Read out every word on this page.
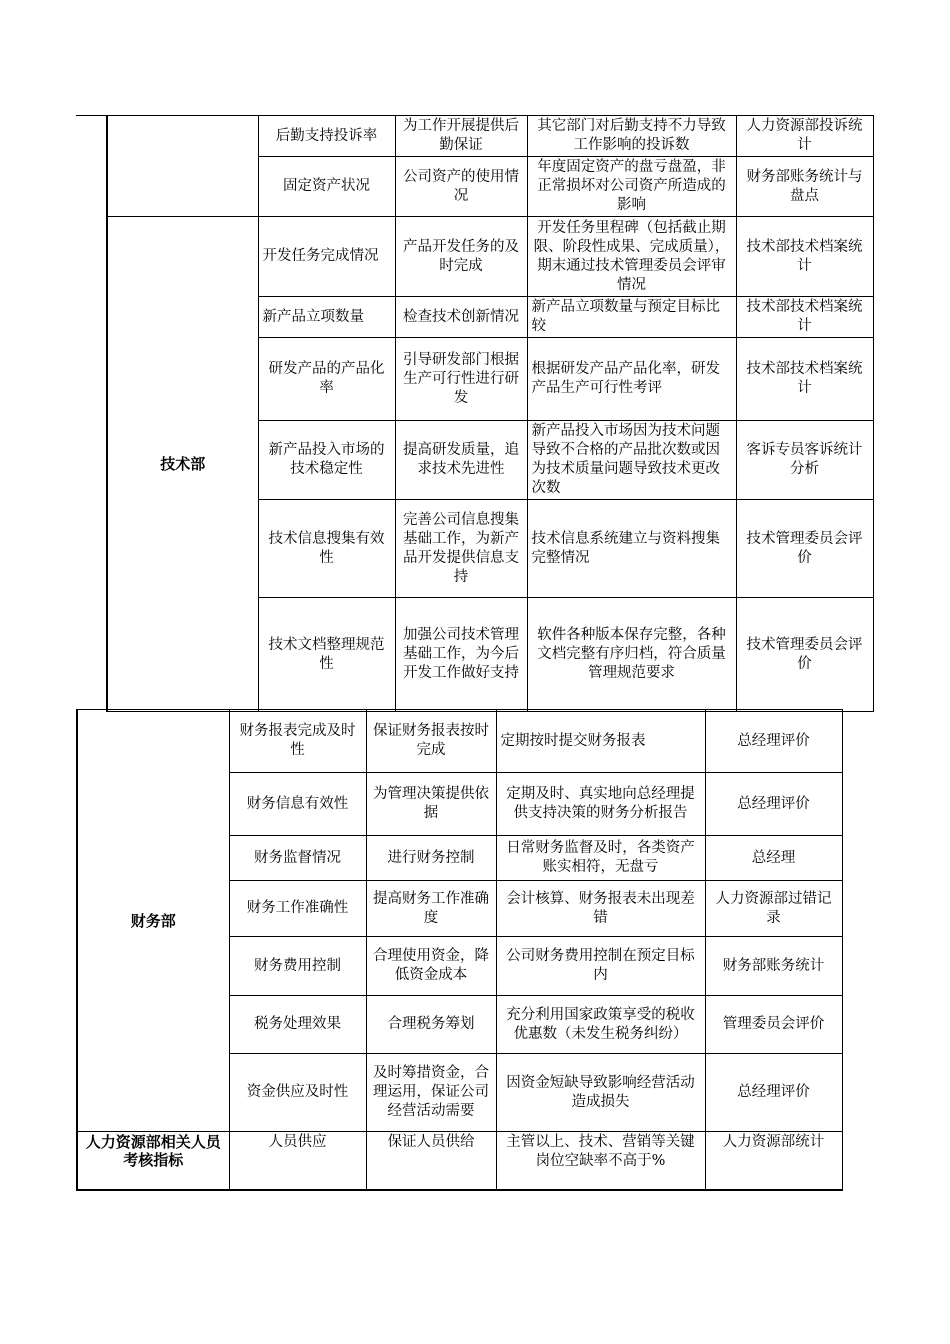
	后勤支持投诉率	为工作开展提供后勤保证	其它部门对后勤支持不力导致工作影响的投诉数	人力资源部投诉统计
	固定资产状况	公司资产的使用情况	年度固定资产的盘亏盘盈，非正常损坏对公司资产所造成的影响	财务部账务统计与盘点
技术部	开发任务完成情况	产品开发任务的及时完成	开发任务里程碑（包括截止期限、阶段性成果、完成质量），期末通过技术管理委员会评审情况	技术部技术档案统计
	新产品立项数量	检查技术创新情况	新产品立项数量与预定目标比较	技术部技术档案统计
	研发产品的产品化率	引导研发部门根据生产可行性进行研发	根据研发产品产品化率，研发产品生产可行性考评	技术部技术档案统计
	新产品投入市场的技术稳定性	提高研发质量，追求技术先进性	新产品投入市场因为技术问题导致不合格的产品批次数或因为技术质量问题导致技术更改次数	客诉专员客诉统计分析
	技术信息搜集有效性	完善公司信息搜集基础工作，为新产品开发提供信息支持	技术信息系统建立与资料搜集完整情况	技术管理委员会评价
	技术文档整理规范性	加强公司技术管理基础工作，为今后开发工作做好支持	软件各种版本保存完整，各种文档完整有序归档，符合质量管理规范要求	技术管理委员会评价
财务部	财务报表完成及时性	保证财务报表按时完成	定期按时提交财务报表	总经理评价
	财务信息有效性	为管理决策提供依据	定期及时、真实地向总经理提供支持决策的财务分析报告	总经理评价
	财务监督情况	进行财务控制	日常财务监督及时，各类资产账实相符，无盘亏	总经理
	财务工作准确性	提高财务工作准确度	会计核算、财务报表未出现差错	人力资源部过错记录
	财务费用控制	合理使用资金，降低资金成本	公司财务费用控制在预定目标内	财务部账务统计
	税务处理效果	合理税务筹划	充分利用国家政策享受的税收优惠数（未发生税务纠纷）	管理委员会评价
	资金供应及时性	及时筹措资金，合理运用，保证公司经营活动需要	因资金短缺导致影响经营活动造成损失	总经理评价
人力资源部相关人员考核指标	人员供应	保证人员供给	主管以上、技术、营销等关键岗位空缺率不高于%	人力资源部统计
